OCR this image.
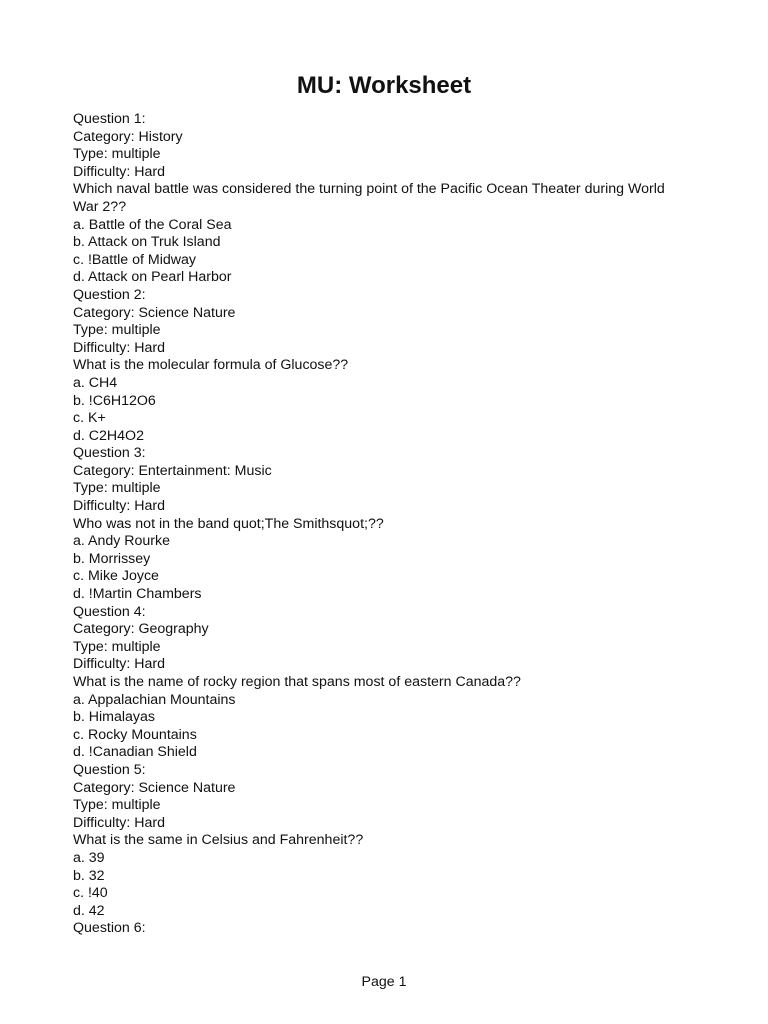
MU: Worksheet

Question 1:

Category: History

Type: multiple

Difficulty: Hard

Which naval battle was considered the turning point of the Pacific Ocean Theater during World War 2??

a. Battle of the Coral Sea

b. Attack on Truk Island

c. !Battle of Midway

d. Attack on Pearl Harbor

Question 2:

Category: Science Nature

Type: multiple

Difficulty: Hard

What is the molecular formula of Glucose??

a. CH4

b. !C6H12O6

c. K+

d. C2H4O2

Question 3:

Category: Entertainment: Music

Type: multiple

Difficulty: Hard

Who was not in the band quot;The Smithsquot;??

a. Andy Rourke

b. Morrissey

c. Mike Joyce

d. !Martin Chambers

Question 4:

Category: Geography

Type: multiple

Difficulty: Hard

What is the name of rocky region that spans most of eastern Canada??

a. Appalachian Mountains

b. Himalayas

c. Rocky Mountains

d. !Canadian Shield

Question 5:

Category: Science Nature

Type: multiple

Difficulty: Hard

What is the same in Celsius and Fahrenheit??

a. 39

b. 32

c. !40

d. 42

Question 6:

Page 1
